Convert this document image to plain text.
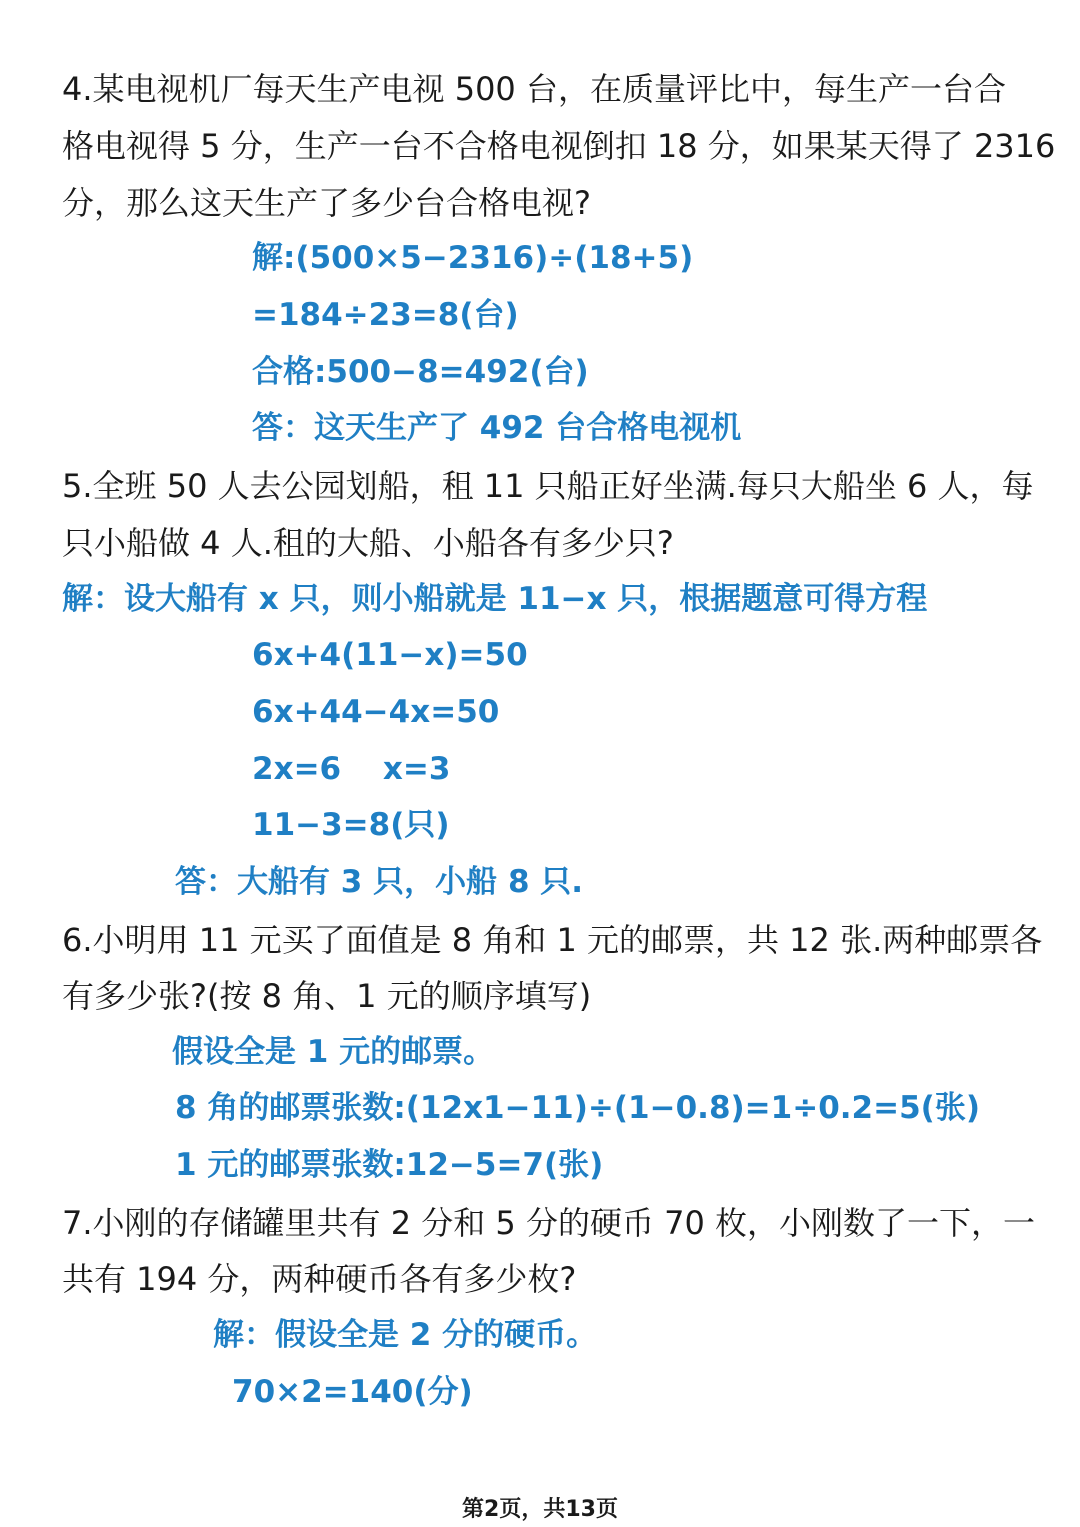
4.某电视机厂每天生产电视 500 台，在质量评比中，每生产一台合
格电视得 5 分，生产一台不合格电视倒扣 18 分，如果某天得了 2316
分，那么这天生产了多少台合格电视?
解:(500×5−2316)÷(18+5)
=184÷23=8(台)
合格:500−8=492(台)
答：这天生产了 492 台合格电视机
5.全班 50 人去公园划船，租 11 只船正好坐满.每只大船坐 6 人，每
只小船做 4 人.租的大船、小船各有多少只?
解：设大船有 x 只，则小船就是 11−x 只，根据题意可得方程
6x+4(11−x)=50
6x+44−4x=50
2x=6　 x=3
11−3=8(只)
答：大船有 3 只，小船 8 只.
6.小明用 11 元买了面值是 8 角和 1 元的邮票，共 12 张.两种邮票各
有多少张?(按 8 角、1 元的顺序填写)
假设全是 1 元的邮票。
8 角的邮票张数:(12x1−11)÷(1−0.8)=1÷0.2=5(张)
1 元的邮票张数:12−5=7(张)
7.小刚的存储罐里共有 2 分和 5 分的硬币 70 枚，小刚数了一下，一
共有 194 分，两种硬币各有多少枚?
解：假设全是 2 分的硬币。
70×2=140(分)
第2页，共13页
